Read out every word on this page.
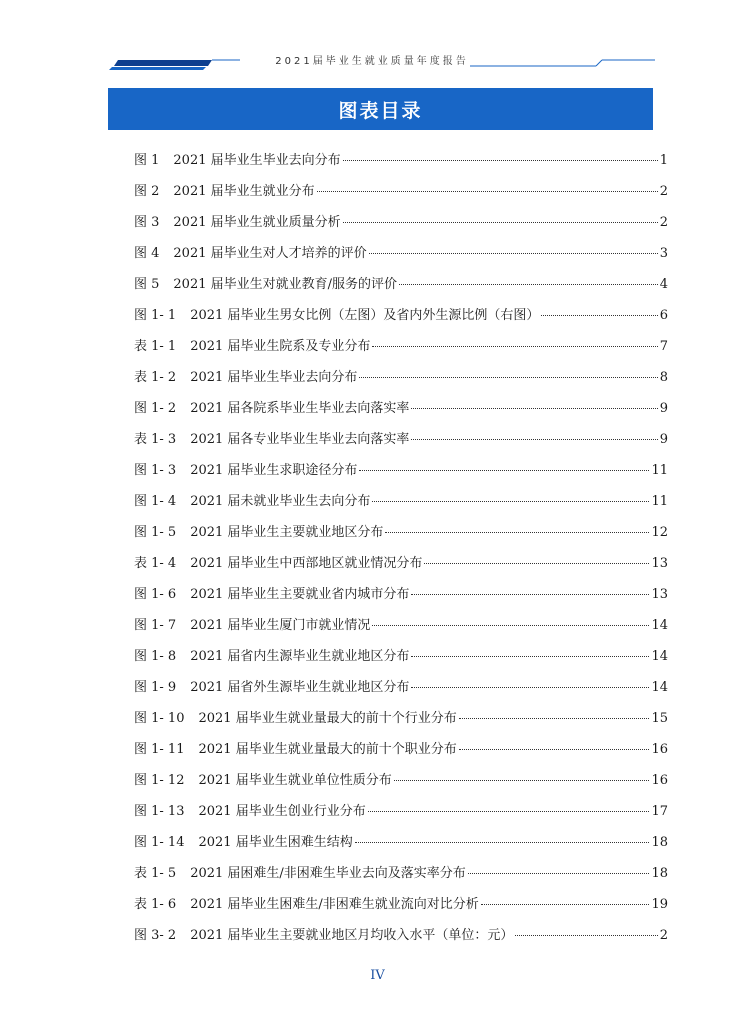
2021届毕业生就业质量年度报告
图表目录
图 1	2021 届毕业生毕业去向分布	1
图 2	2021 届毕业生就业分布	2
图 3	2021 届毕业生就业质量分析	2
图 4	2021 届毕业生对人才培养的评价	3
图 5	2021 届毕业生对就业教育/服务的评价	4
图 1- 1	2021 届毕业生男女比例（左图）及省内外生源比例（右图）	6
表 1- 1	2021 届毕业生院系及专业分布	7
表 1- 2	2021 届毕业生毕业去向分布	8
图 1- 2	2021 届各院系毕业生毕业去向落实率	9
表 1- 3	2021 届各专业毕业生毕业去向落实率	9
图 1- 3	2021 届毕业生求职途径分布	11
图 1- 4	2021 届未就业毕业生去向分布	11
图 1- 5	2021 届毕业生主要就业地区分布	12
表 1- 4	2021 届毕业生中西部地区就业情况分布	13
图 1- 6	2021 届毕业生主要就业省内城市分布	13
图 1- 7	2021 届毕业生厦门市就业情况	14
图 1- 8	2021 届省内生源毕业生就业地区分布	14
图 1- 9	2021 届省外生源毕业生就业地区分布	14
图 1- 10	2021 届毕业生就业量最大的前十个行业分布	15
图 1- 11	2021 届毕业生就业量最大的前十个职业分布	16
图 1- 12	2021 届毕业生就业单位性质分布	16
图 1- 13	2021 届毕业生创业行业分布	17
图 1- 14	2021 届毕业生困难生结构	18
表 1- 5	2021 届困难生/非困难生毕业去向及落实率分布	18
表 1- 6	2021 届毕业生困难生/非困难生就业流向对比分析	19
图 3- 2	2021 届毕业生主要就业地区月均收入水平（单位：元）	2
IV
